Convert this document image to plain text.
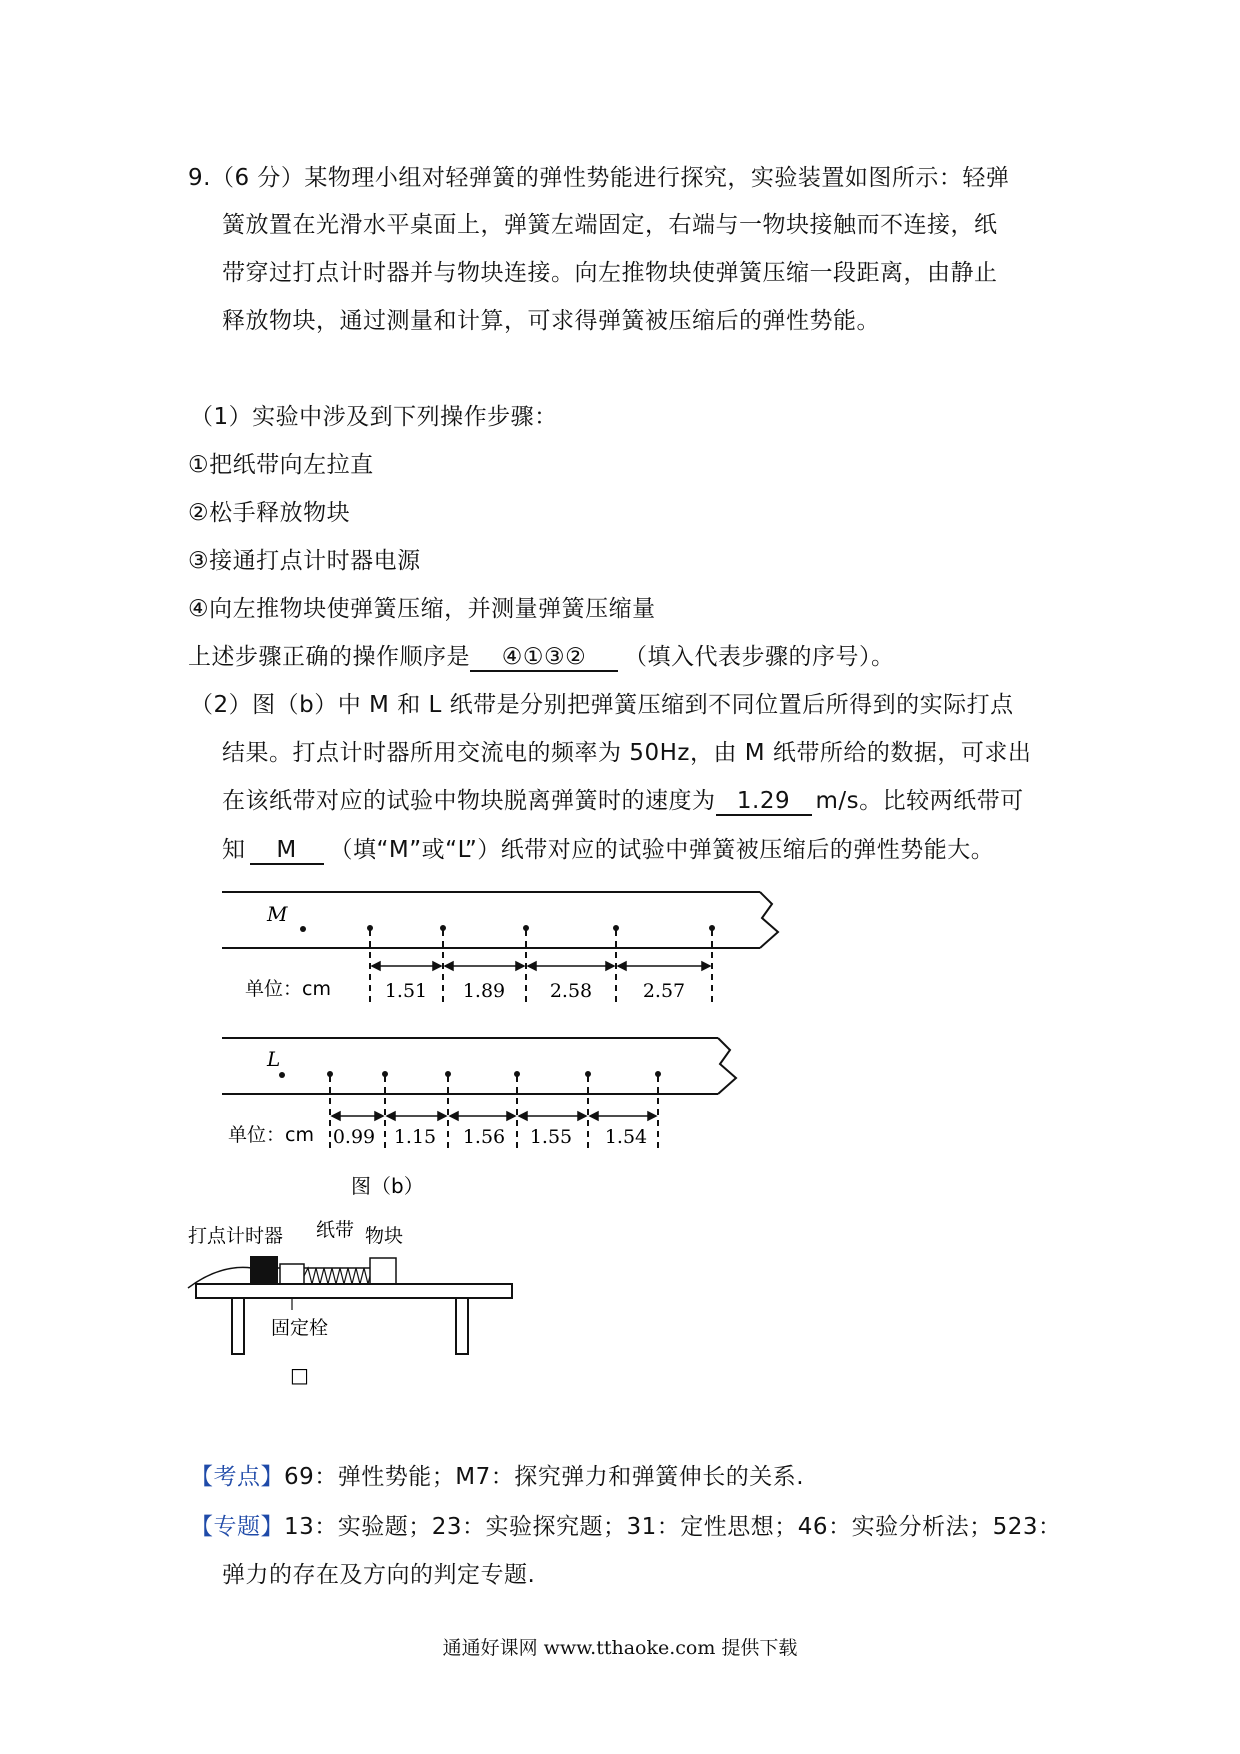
9.（6 分）某物理小组对轻弹簧的弹性势能进行探究，实验装置如图所示：轻弹
簧放置在光滑水平桌面上，弹簧左端固定，右端与一物块接触而不连接，纸
带穿过打点计时器并与物块连接。向左推物块使弹簧压缩一段距离，由静止
释放物块，通过测量和计算，可求得弹簧被压缩后的弹性势能。
（1）实验中涉及到下列操作步骤：
①把纸带向左拉直
②松手释放物块
③接通打点计时器电源
④向左推物块使弹簧压缩，并测量弹簧压缩量
上述步骤正确的操作顺序是 ④①③② （填入代表步骤的序号）。
（2）图（b）中 M 和 L 纸带是分别把弹簧压缩到不同位置后所得到的实际打点
结果。打点计时器所用交流电的频率为 50Hz，由 M 纸带所给的数据，可求出
在该纸带对应的试验中物块脱离弹簧时的速度为 1.29 m/s。比较两纸带可
知 M （填“M”或“L”）纸带对应的试验中弹簧被压缩后的弹性势能大。
M
单位：cm	1.51 1.89 2.58	2.57
L
单位：cm 0.99 1.15 1.56 1.55 1.54
图（b）
打点计时器 纸带 物块
固定栓
□
【考点】69：弹性势能；M7：探究弹力和弹簧伸长的关系.
【专题】13：实验题；23：实验探究题；31：定性思想；46：实验分析法；523：
弹力的存在及方向的判定专题.
通通好课网 www.tthaoke.com 提供下载
